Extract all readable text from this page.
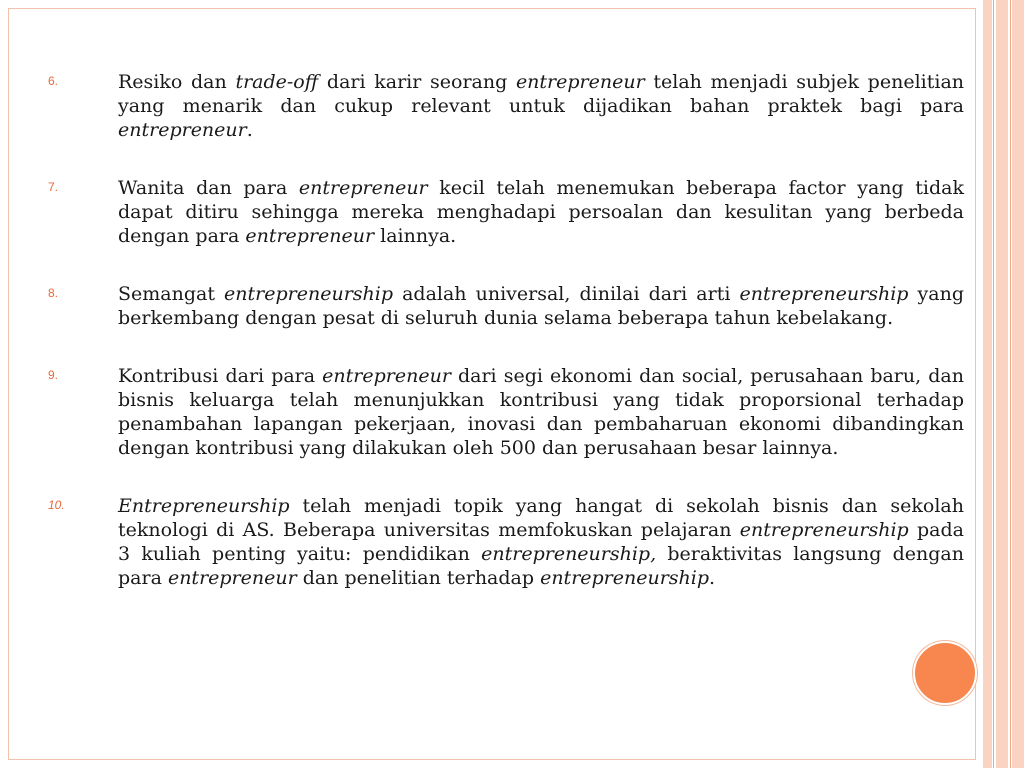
6.	Resiko dan trade-off dari karir seorang entrepreneur telah menjadi subjek penelitian yang menarik dan cukup relevant untuk dijadikan bahan praktek bagi para entrepreneur.
7.	Wanita dan para entrepreneur kecil telah menemukan beberapa factor yang tidak dapat ditiru sehingga mereka menghadapi persoalan dan kesulitan yang berbeda dengan para entrepreneur lainnya.
8.	Semangat entrepreneurship adalah universal, dinilai dari arti entrepreneurship yang berkembang dengan pesat di seluruh dunia selama beberapa tahun kebelakang.
9.	Kontribusi dari para entrepreneur dari segi ekonomi dan social, perusahaan baru, dan bisnis keluarga telah menunjukkan kontribusi yang tidak proporsional terhadap penambahan lapangan pekerjaan, inovasi dan pembaharuan ekonomi dibandingkan dengan kontribusi yang dilakukan oleh 500 dan perusahaan besar lainnya.
10.	Entrepreneurship telah menjadi topik yang hangat di sekolah bisnis dan sekolah teknologi di AS. Beberapa universitas memfokuskan pelajaran entrepreneurship pada 3 kuliah penting yaitu: pendidikan entrepreneurship, beraktivitas langsung dengan para entrepreneur dan penelitian terhadap entrepreneurship.
